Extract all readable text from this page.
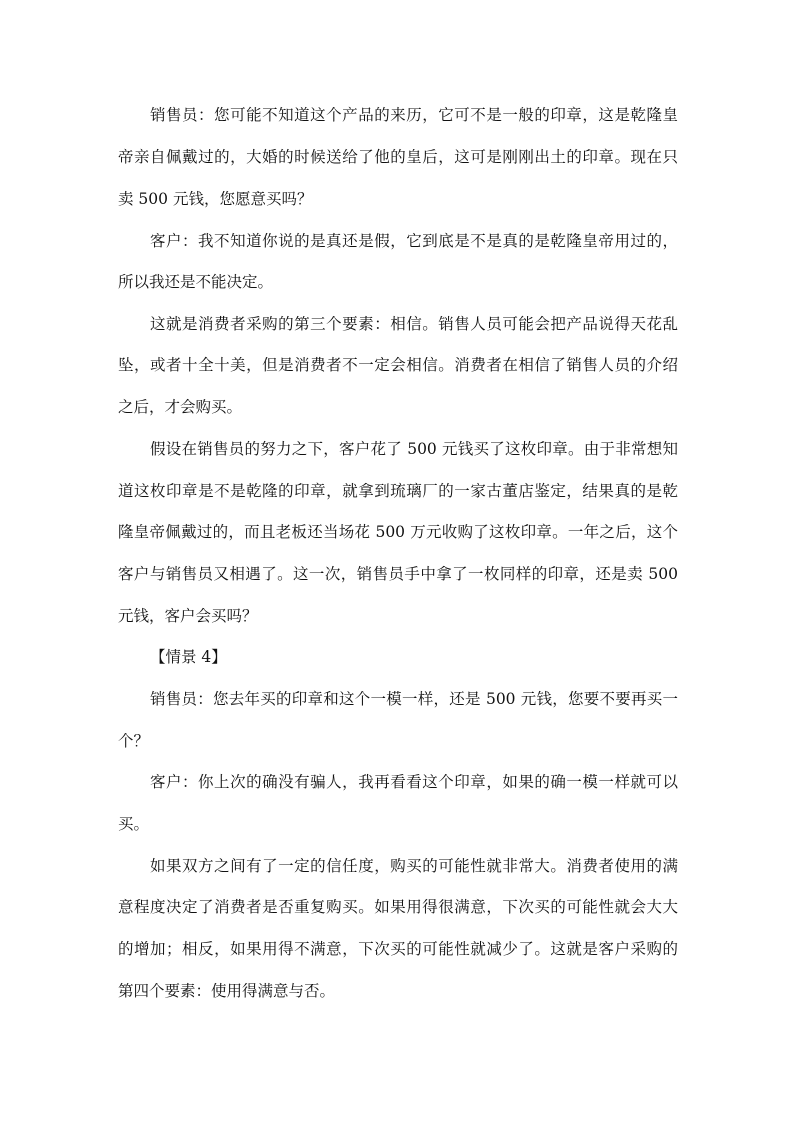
销售员：您可能不知道这个产品的来历，它可不是一般的印章，这是乾隆皇
帝亲自佩戴过的，大婚的时候送给了他的皇后，这可是刚刚出土的印章。现在只
卖 500 元钱，您愿意买吗？
客户：我不知道你说的是真还是假，它到底是不是真的是乾隆皇帝用过的，
所以我还是不能决定。
这就是消费者采购的第三个要素：相信。销售人员可能会把产品说得天花乱
坠，或者十全十美，但是消费者不一定会相信。消费者在相信了销售人员的介绍
之后，才会购买。
假设在销售员的努力之下，客户花了 500 元钱买了这枚印章。由于非常想知
道这枚印章是不是乾隆的印章，就拿到琉璃厂的一家古董店鉴定，结果真的是乾
隆皇帝佩戴过的，而且老板还当场花 500 万元收购了这枚印章。一年之后，这个
客户与销售员又相遇了。这一次，销售员手中拿了一枚同样的印章，还是卖 500
元钱，客户会买吗？
【情景 4】
销售员：您去年买的印章和这个一模一样，还是 500 元钱，您要不要再买一
个？
客户：你上次的确没有骗人，我再看看这个印章，如果的确一模一样就可以
买。
如果双方之间有了一定的信任度，购买的可能性就非常大。消费者使用的满
意程度决定了消费者是否重复购买。如果用得很满意，下次买的可能性就会大大
的增加；相反，如果用得不满意，下次买的可能性就减少了。这就是客户采购的
第四个要素：使用得满意与否。
